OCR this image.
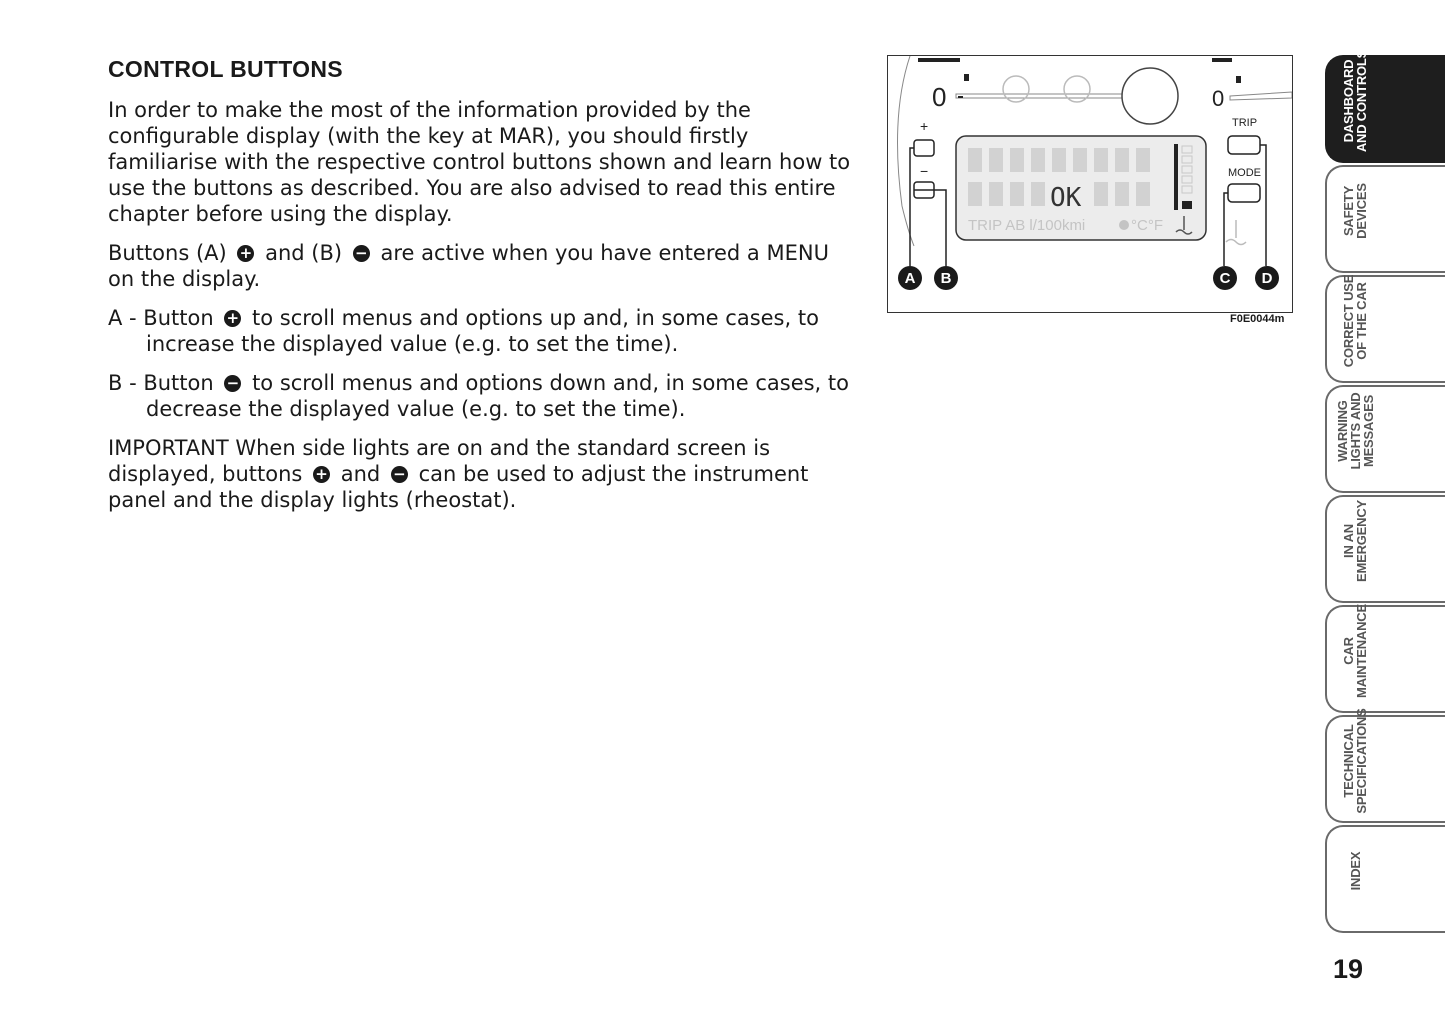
CONTROL BUTTONS

In order to make the most of the information provided by the configurable display (with the key at MAR), you should firstly familiarise with the respective control buttons shown and learn how to use the buttons as described. You are also advised to read this entire chapter before using the display.

Buttons (A) + and (B) − are active when you have entered a MENU on the display.

A - Button + to scroll menus and options up and, in some cases, to increase the displayed value (e.g. to set the time).

B - Button − to scroll menus and options down and, in some cases, to decrease the displayed value (e.g. to set the time).

IMPORTANT When side lights are on and the standard screen is displayed, buttons + and − can be used to adjust the instrument panel and the display lights (rheostat).

0	0
+
−
OK
TRIP AB l/100kmi	°C°F
TRIP
MODE
A B	C D
F0E0044m
DASHBOARD
AND CONTROLS
SAFETY
DEVICES
CORRECT USE
OF THE CAR
WARNING
LIGHTS AND
MESSAGES
IN AN
EMERGENCY
CAR
MAINTENANCE
TECHNICAL
SPECIFICATIONS
INDEX
19
